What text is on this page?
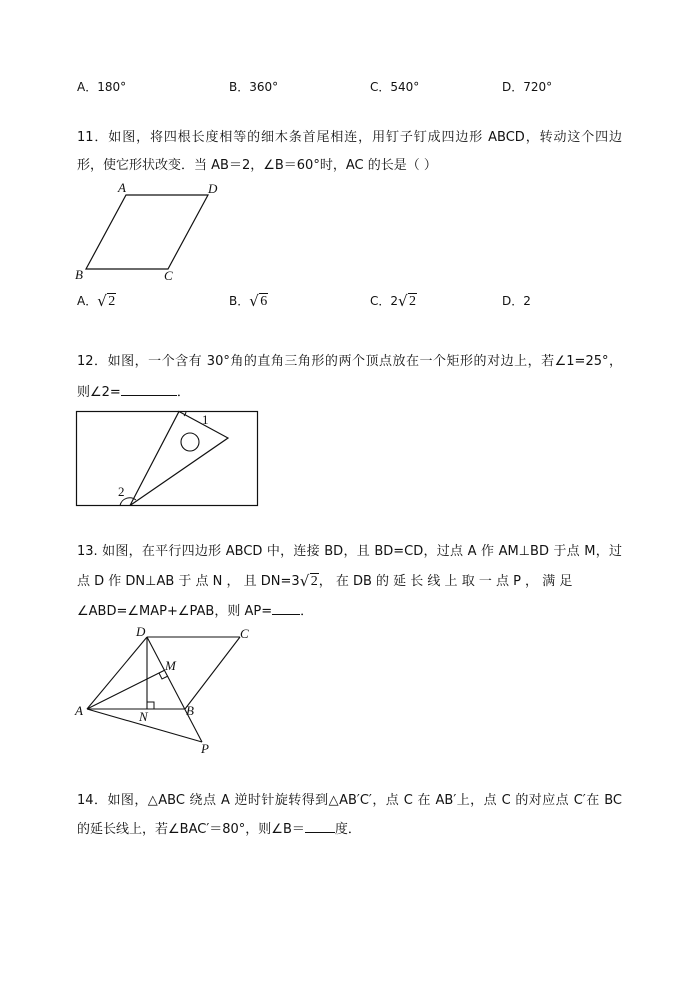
A．180°	B．360°	C．540°	D．720°
11．如图，将四根长度相等的细木条首尾相连，用钉子钉成四边形 ABCD，转动这个四边
形，使它形状改变．当 AB＝2，∠B＝60°时，AC 的长是（ ）
A	D
B	C
A． √ 2	B． √ 6	C．2 √ 2	D．2
12．如图，一个含有 30°角的直角三角形的两个顶点放在一个矩形的对边上，若∠1=25°，
则∠2=	．
1
2
13. 如图，在平行四边形 ABCD 中，连接 BD，且 BD=CD，过点 A 作 AM⊥BD 于点 M，过
点 D 作 DN⊥AB 于 点 N ， 且 DN=3 √ 2， 在 DB 的 延 长 线 上 取 一 点 P ， 满 足
∠ABD=∠MAP+∠PAB，则 AP= ．
D	C
M
A	N	B
P
14．如图，△ABC 绕点 A 逆时针旋转得到△AB′C′，点 C 在 AB′上，点 C 的对应点 C′在 BC
的延长线上，若∠BAC′＝80°，则∠B＝ 度．
